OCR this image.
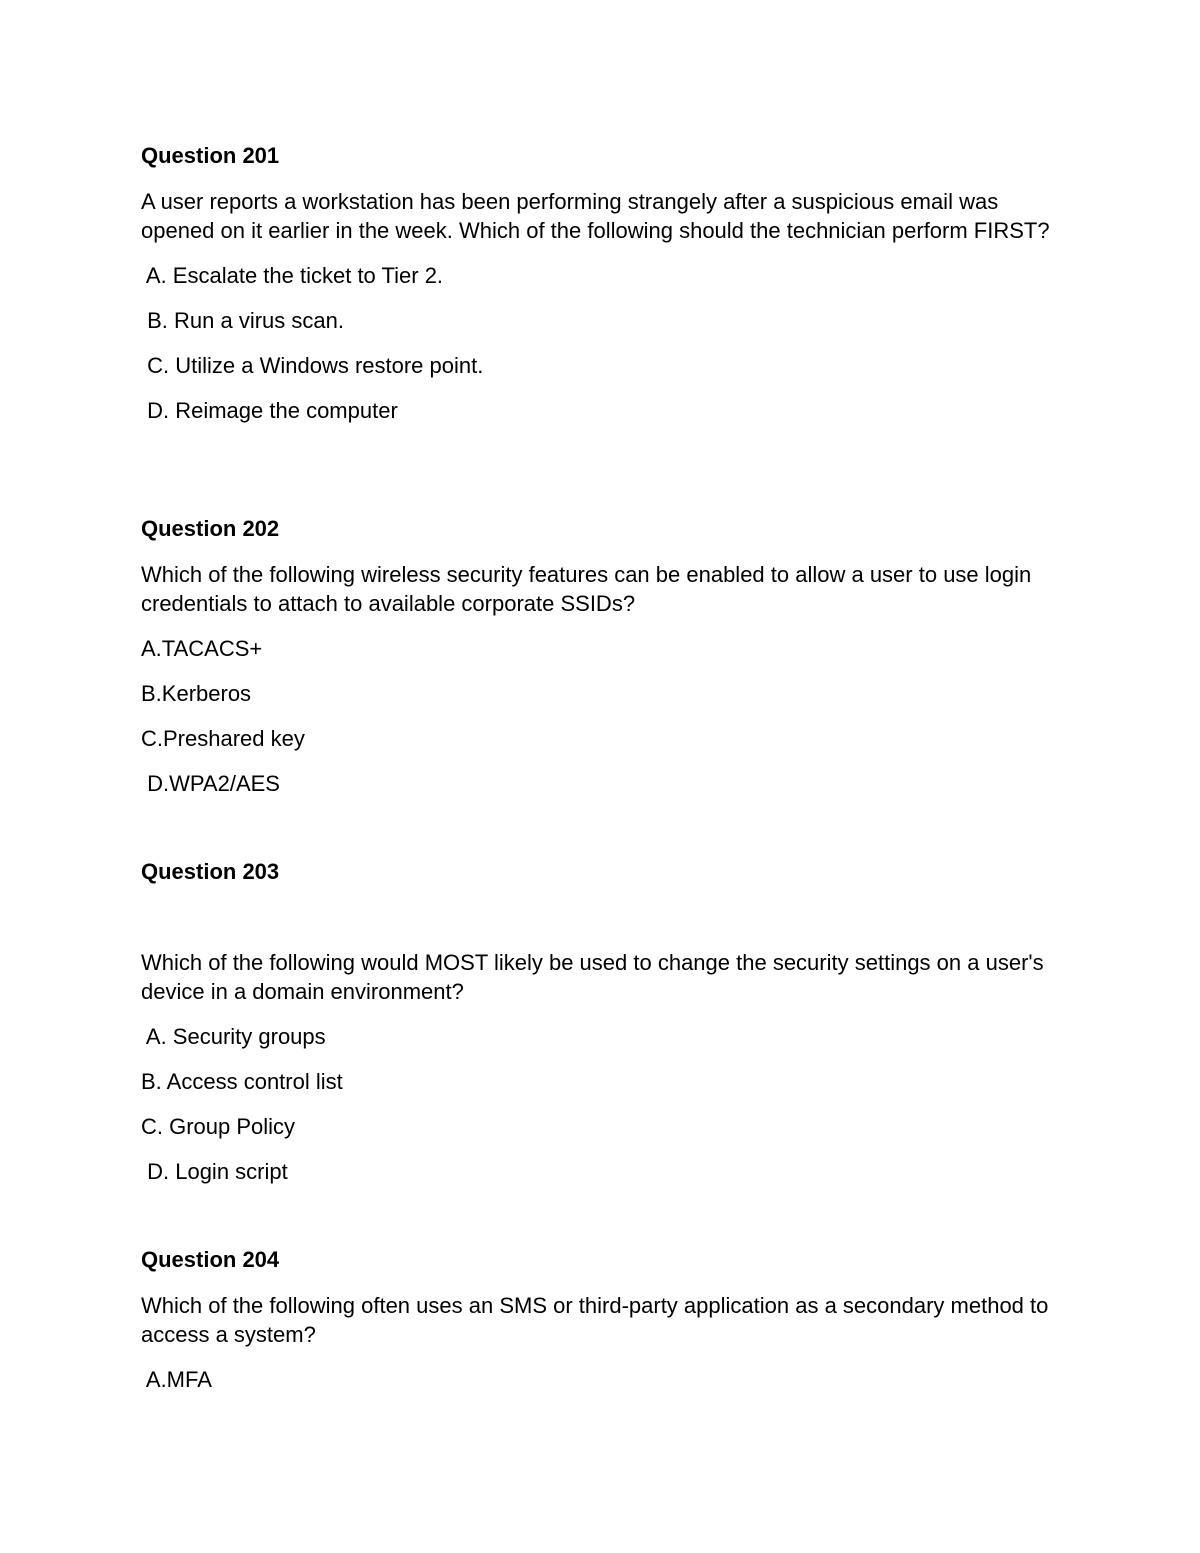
Question 201

A user reports a workstation has been performing strangely after a suspicious email was opened on it earlier in the week. Which of the following should the technician perform FIRST?

A. Escalate the ticket to Tier 2.

B. Run a virus scan.

C. Utilize a Windows restore point.

D. Reimage the computer

Question 202

Which of the following wireless security features can be enabled to allow a user to use login credentials to attach to available corporate SSIDs?

A.TACACS+

B.Kerberos

C.Preshared key

D.WPA2/AES

Question 203

Which of the following would MOST likely be used to change the security settings on a user's device in a domain environment?

A. Security groups

B. Access control list

C. Group Policy

D. Login script

Question 204

Which of the following often uses an SMS or third-party application as a secondary method to access a system?

A.MFA
